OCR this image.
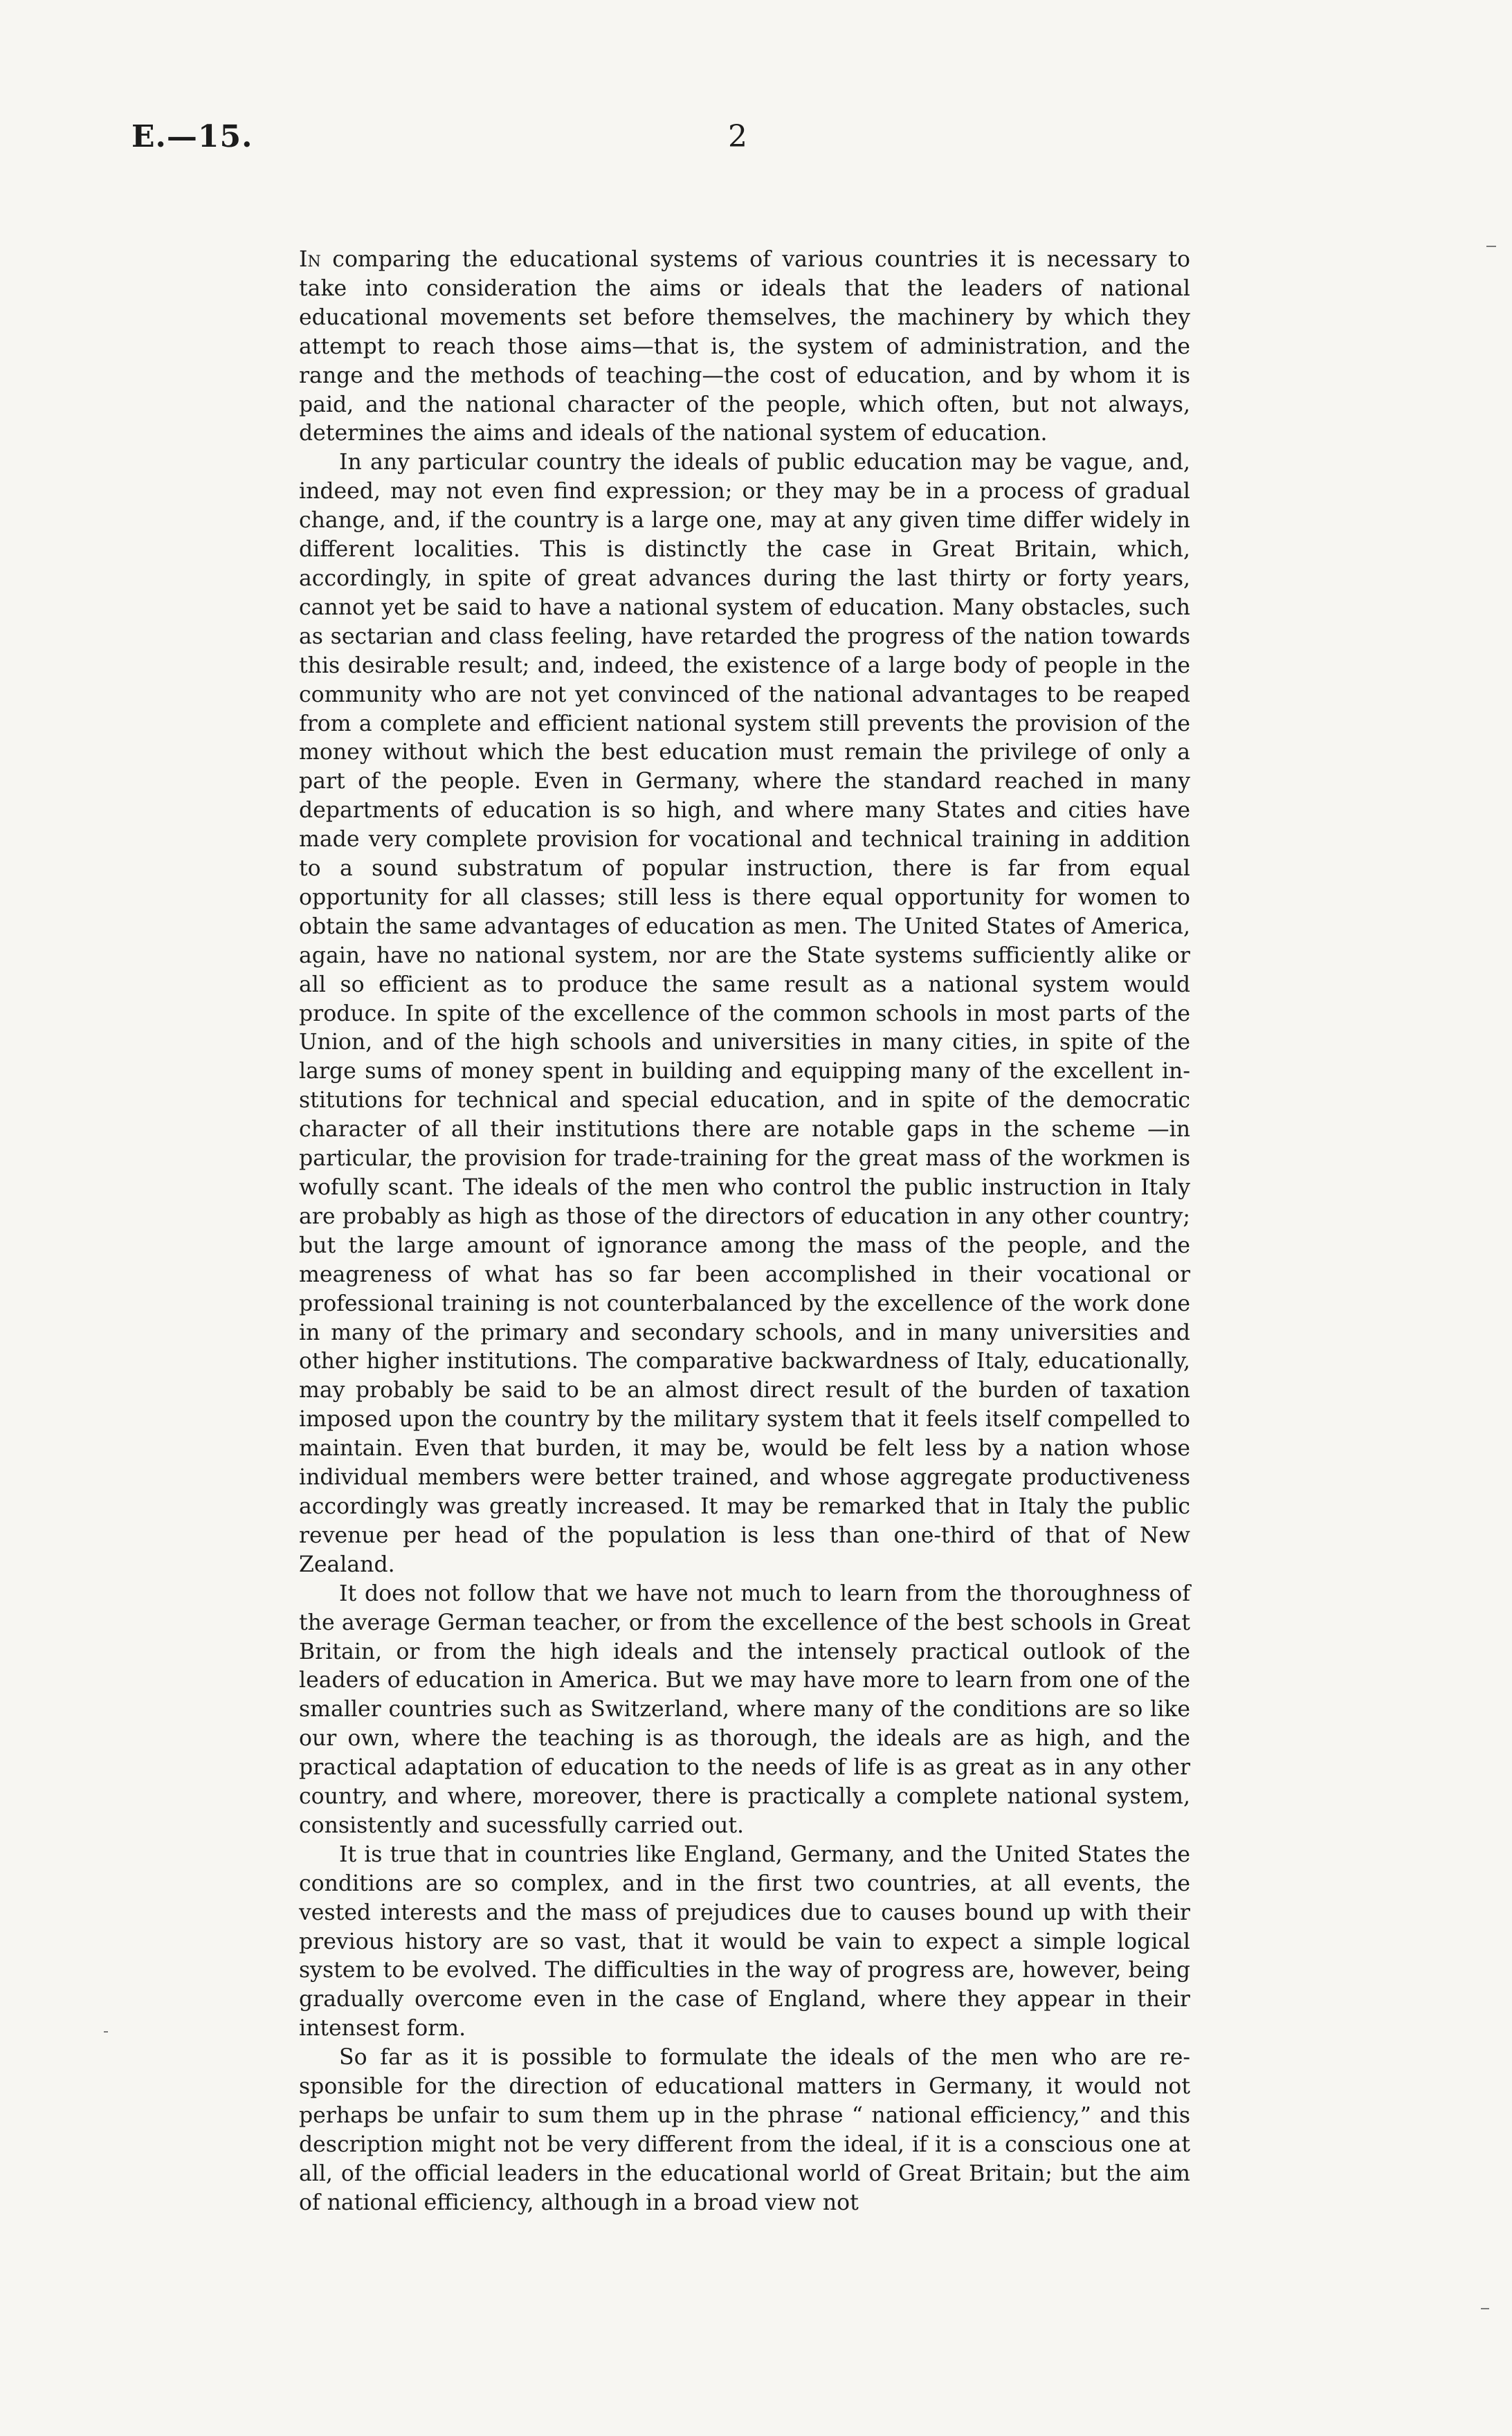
E.—15.	2

In comparing the educational systems of various countries it is necessary to take into consideration the aims or ideals that the leaders of national educational movements set before themselves, the machinery by which they attempt to reach those aims—that is, the system of administration, and the range and the methods of teaching—the cost of education, and by whom it is paid, and the national character of the people, which often, but not always, determines the aims and ideals of the national system of education.

In any particular country the ideals of public education may be vague, and, indeed, may not even find expression; or they may be in a process of gradual change, and, if the country is a large one, may at any given time differ widely in different localities. This is distinctly the case in Great Britain, which, accordingly, in spite of great advances during the last thirty or forty years, cannot yet be said to have a national system of education. Many obstacles, such as sectarian and class feeling, have retarded the progress of the nation towards this desirable result; and, indeed, the existence of a large body of people in the community who are not yet convinced of the national advantages to be reaped from a complete and efficient national system still prevents the provision of the money without which the best education must remain the privilege of only a part of the people. Even in Germany, where the standard reached in many departments of education is so high, and where many States and cities have made very complete provision for vocational and technical training in addition to a sound substratum of popular instruction, there is far from equal opportunity for all classes; still less is there equal opportunity for women to obtain the same advantages of education as men. The United States of America, again, have no national system, nor are the State systems sufficiently alike or all so efficient as to produce the same result as a national system would produce. In spite of the excellence of the common schools in most parts of the Union, and of the high schools and universities in many cities, in spite of the large sums of money spent in building and equipping many of the excellent institutions for technical and special education, and in spite of the democratic character of all their institutions there are notable gaps in the scheme —in particular, the provision for trade-training for the great mass of the workmen is wofully scant. The ideals of the men who control the public instruction in Italy are probably as high as those of the directors of education in any other country; but the large amount of ignorance among the mass of the people, and the meagreness of what has so far been accomplished in their vocational or professional training is not counterbalanced by the excellence of the work done in many of the primary and secondary schools, and in many universities and other higher institutions. The comparative backwardness of Italy, educationally, may probably be said to be an almost direct result of the burden of taxation imposed upon the country by the military system that it feels itself compelled to maintain. Even that burden, it may be, would be felt less by a nation whose individual members were better trained, and whose aggregate productiveness accordingly was greatly increased. It may be remarked that in Italy the public revenue per head of the population is less than one-third of that of New Zealand.

It does not follow that we have not much to learn from the thoroughness of the average German teacher, or from the excellence of the best schools in Great Britain, or from the high ideals and the intensely practical outlook of the leaders of education in America. But we may have more to learn from one of the smaller countries such as Switzerland, where many of the conditions are so like our own, where the teaching is as thorough, the ideals are as high, and the practical adaptation of education to the needs of life is as great as in any other country, and where, moreover, there is practically a complete national system, consistently and sucessfully carried out.

It is true that in countries like England, Germany, and the United States the conditions are so complex, and in the first two countries, at all events, the vested interests and the mass of prejudices due to causes bound up with their previous history are so vast, that it would be vain to expect a simple logical system to be evolved. The difficulties in the way of progress are, however, being gradually overcome even in the case of England, where they appear in their intensest form.

So far as it is possible to formulate the ideals of the men who are responsible for the direction of educational matters in Germany, it would not perhaps be unfair to sum them up in the phrase “ national efficiency,” and this description might not be very different from the ideal, if it is a conscious one at all, of the official leaders in the educational world of Great Britain; but the aim of national efficiency, although in a broad view not
